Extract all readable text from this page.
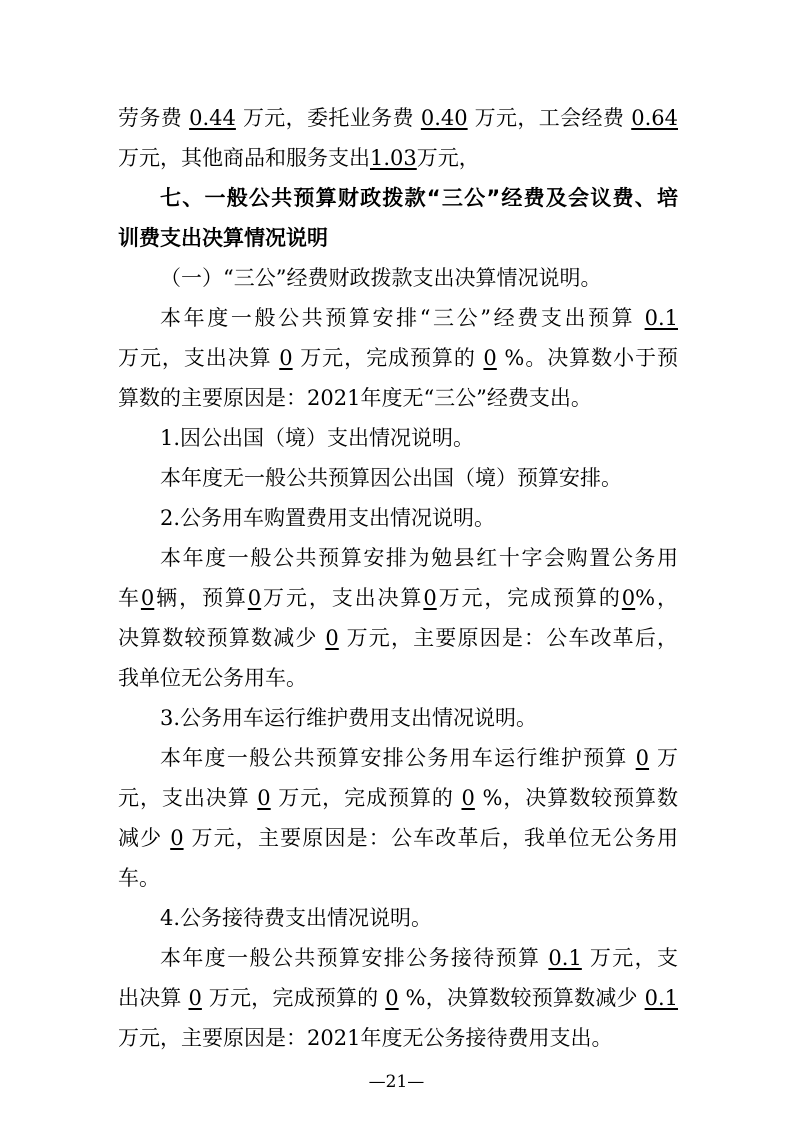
劳务费 0.44 万元，委托业务费 0.40 万元，工会经费 0.64
万元，其他商品和服务支出1.03万元，
七、一般公共预算财政拨款“三公”经费及会议费、培
训费支出决算情况说明
（一）“三公”经费财政拨款支出决算情况说明。
本年度一般公共预算安排“三公”经费支出预算 0.1
万元，支出决算 0 万元，完成预算的 0 %。决算数小于预
算数的主要原因是：2021年度无“三公”经费支出。
1.因公出国（境）支出情况说明。
本年度无一般公共预算因公出国（境）预算安排。
2.公务用车购置费用支出情况说明。
本年度一般公共预算安排为勉县红十字会购置公务用
车0辆，预算0万元，支出决算0万元，完成预算的0%，
决算数较预算数减少 0 万元，主要原因是：公车改革后，
我单位无公务用车。
3.公务用车运行维护费用支出情况说明。
本年度一般公共预算安排公务用车运行维护预算 0 万
元，支出决算 0 万元，完成预算的 0 %，决算数较预算数
减少 0 万元，主要原因是：公车改革后，我单位无公务用
车。
4.公务接待费支出情况说明。
本年度一般公共预算安排公务接待预算 0.1 万元，支
出决算 0 万元，完成预算的 0 %，决算数较预算数减少 0.1
万元，主要原因是：2021年度无公务接待费用支出。
—21—
